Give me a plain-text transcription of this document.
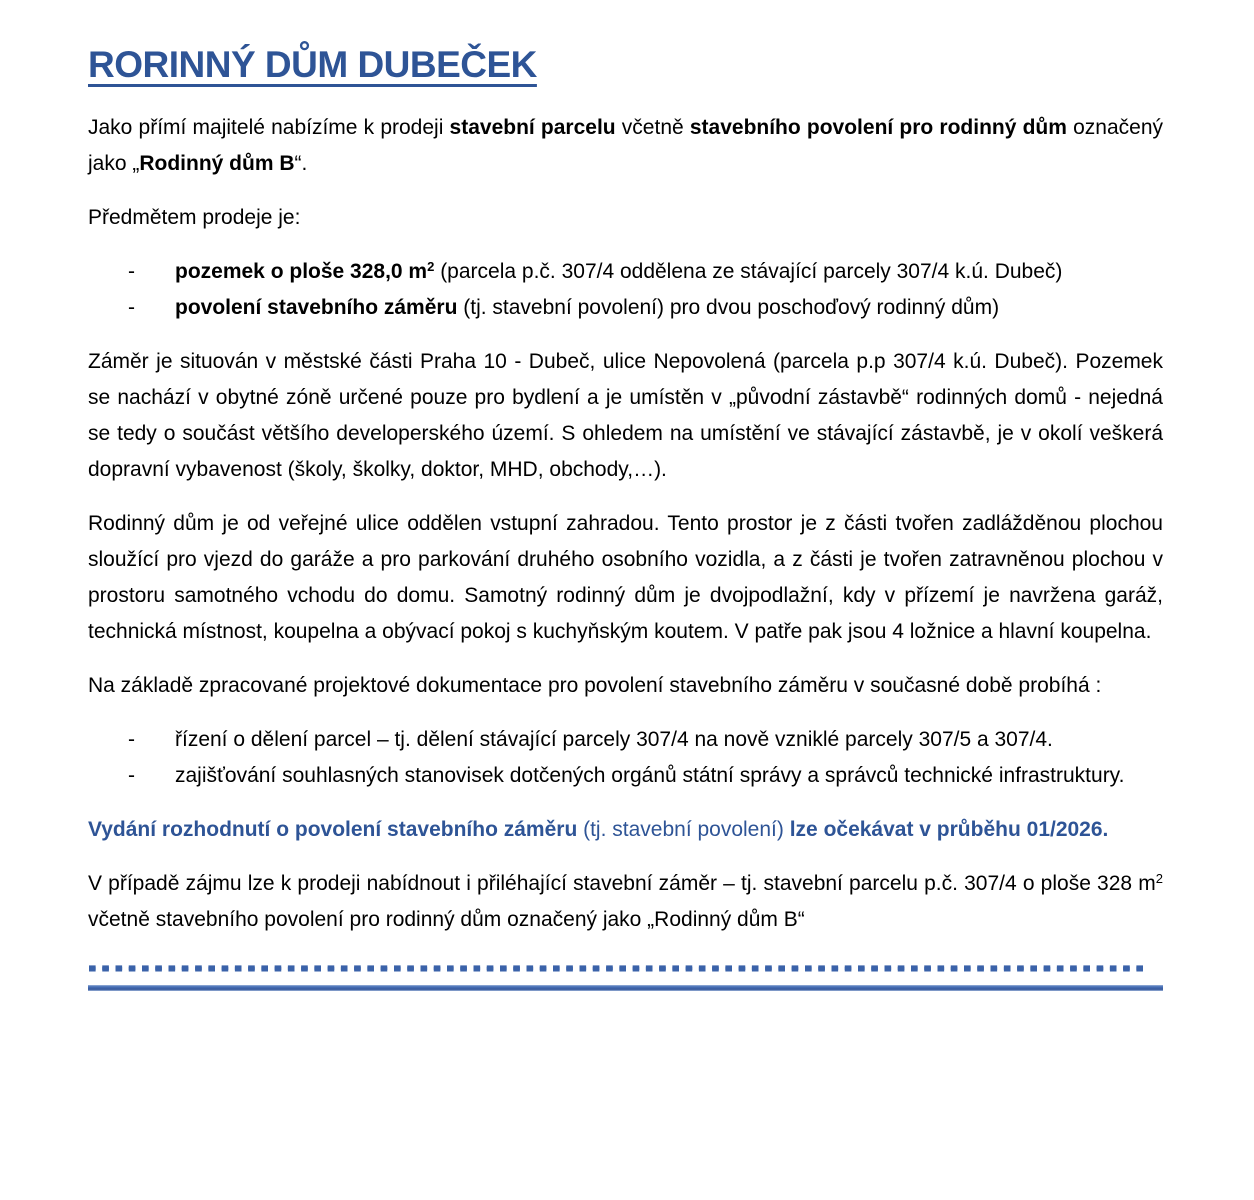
RORINNÝ DŮM DUBEČEK

Jako přímí majitelé nabízíme k prodeji stavební parcelu včetně stavebního povolení pro rodinný dům označený jako „Rodinný dům B“.

Předmětem prodeje je:

- pozemek o ploše 328,0 $m^2$ (parcela p.č. 307/4 oddělena ze stávající parcely 307/4 k.ú. Dubeč)
- povolení stavebního záměru (tj. stavební povolení) pro dvou poschoďový rodinný dům)

Záměr je situován v městské části Praha 10 - Dubeč, ulice Nepovolená (parcela p.p 307/4 k.ú. Dubeč). Pozemek se nachází v obytné zóně určené pouze pro bydlení a je umístěn v „původní zástavbě“ rodinných domů - nejedná se tedy o součást většího developerského území. S ohledem na umístění ve stávající zástavbě, je v okolí veškerá dopravní vybavenost (školy, školky, doktor, MHD, obchody,…).

Rodinný dům je od veřejné ulice oddělen vstupní zahradou. Tento prostor je z části tvořen zadlážděnou plochou sloužící pro vjezd do garáže a pro parkování druhého osobního vozidla, a z části je tvořen zatravněnou plochou v prostoru samotného vchodu do domu. Samotný rodinný dům je dvojpodlažní, kdy v přízemí je navržena garáž, technická místnost, koupelna a obývací pokoj s kuchyňským koutem. V patře pak jsou 4 ložnice a hlavní koupelna.

Na základě zpracované projektové dokumentace pro povolení stavebního záměru v současné době probíhá :

- řízení o dělení parcel – tj. dělení stávající parcely 307/4 na nově vzniklé parcely 307/5 a 307/4.
- zajišťování souhlasných stanovisek dotčených orgánů státní správy a správců technické infrastruktury.

Vydání rozhodnutí o povolení stavebního záměru (tj. stavební povolení) lze očekávat v průběhu 01/2026.

V případě zájmu lze k prodeji nabídnout i přiléhající stavební záměr – tj. stavební parcelu p.č. 307/4 o ploše 328 $m^2$ včetně stavebního povolení pro rodinný dům označený jako „Rodinný dům B“

--------------------------------------------------------------------------------
